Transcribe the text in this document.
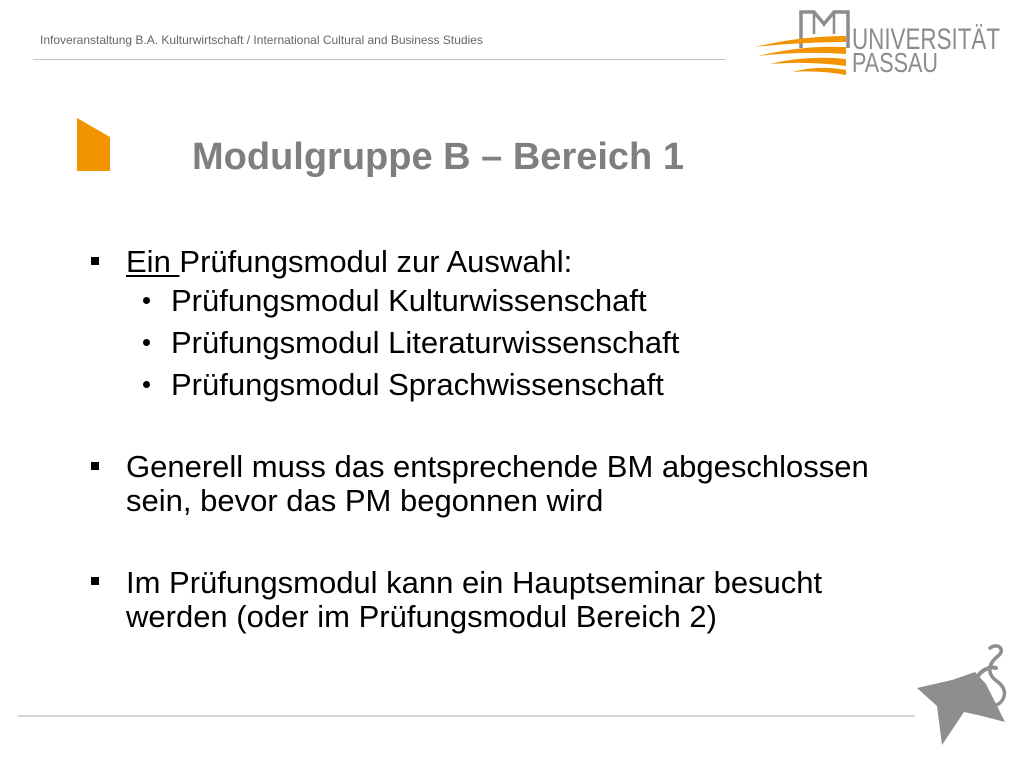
Infoveranstaltung B.A. Kulturwirtschaft / International Cultural and Business Studies	UNIVERSITÄT
PASSAU
Modulgruppe B – Bereich 1
Ein Prüfungsmodul zur Auswahl:
Prüfungsmodul Kulturwissenschaft
Prüfungsmodul Literaturwissenschaft
Prüfungsmodul Sprachwissenschaft
Generell muss das entsprechende BM abgeschlossen sein, bevor das PM begonnen wird
Im Prüfungsmodul kann ein Hauptseminar besucht werden (oder im Prüfungsmodul Bereich 2)
